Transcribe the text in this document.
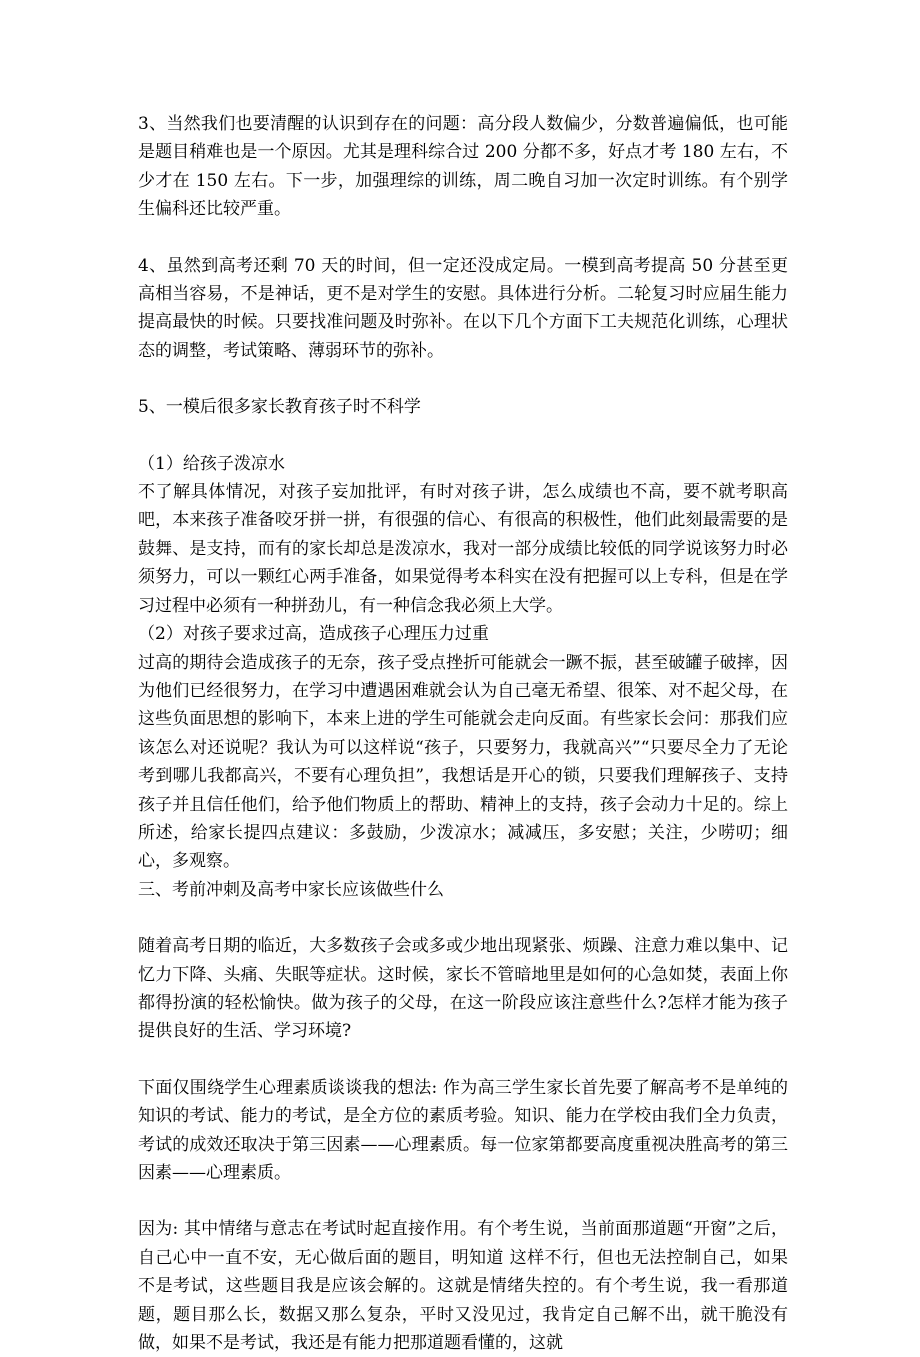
3、当然我们也要清醒的认识到存在的问题：高分段人数偏少，分数普遍偏低，也可能是题目稍难也是一个原因。尤其是理科综合过 200 分都不多，好点才考 180 左右，不少才在 150 左右。下一步，加强理综的训练，周二晚自习加一次定时训练。有个别学生偏科还比较严重。

4、虽然到高考还剩 70 天的时间，但一定还没成定局。一模到高考提高 50 分甚至更高相当容易，不是神话，更不是对学生的安慰。具体进行分析。二轮复习时应届生能力提高最快的时候。只要找准问题及时弥补。在以下几个方面下工夫规范化训练，心理状态的调整，考试策略、薄弱环节的弥补。

5、一模后很多家长教育孩子时不科学

（1）给孩子泼凉水

不了解具体情况，对孩子妄加批评，有时对孩子讲，怎么成绩也不高，要不就考职高吧，本来孩子准备咬牙拼一拼，有很强的信心、有很高的积极性，他们此刻最需要的是鼓舞、是支持，而有的家长却总是泼凉水，我对一部分成绩比较低的同学说该努力时必须努力，可以一颗红心两手准备，如果觉得考本科实在没有把握可以上专科，但是在学习过程中必须有一种拼劲儿，有一种信念我必须上大学。

（2）对孩子要求过高，造成孩子心理压力过重

过高的期待会造成孩子的无奈，孩子受点挫折可能就会一蹶不振，甚至破罐子破摔，因为他们已经很努力，在学习中遭遇困难就会认为自己毫无希望、很笨、对不起父母，在这些负面思想的影响下，本来上进的学生可能就会走向反面。有些家长会问：那我们应该怎么对还说呢？我认为可以这样说“孩子，只要努力，我就高兴”“只要尽全力了无论考到哪儿我都高兴，不要有心理负担”，我想话是开心的锁，只要我们理解孩子、支持孩子并且信任他们，给予他们物质上的帮助、精神上的支持，孩子会动力十足的。综上所述，给家长提四点建议：多鼓励，少泼凉水；减减压，多安慰；关注，少唠叨；细心，多观察。

三、考前冲刺及高考中家长应该做些什么

随着高考日期的临近，大多数孩子会或多或少地出现紧张、烦躁、注意力难以集中、记忆力下降、头痛、失眠等症状。这时候，家长不管暗地里是如何的心急如焚，表面上你都得扮演的轻松愉快。做为孩子的父母，在这一阶段应该注意些什么?怎样才能为孩子提供良好的生活、学习环境?

下面仅围绕学生心理素质谈谈我的想法: 作为高三学生家长首先要了解高考不是单纯的知识的考试、能力的考试，是全方位的素质考验。知识、能力在学校由我们全力负责，考试的成效还取决于第三因素——心理素质。每一位家第都要高度重视决胜高考的第三因素——心理素质。

因为: 其中情绪与意志在考试时起直接作用。有个考生说，当前面那道题“开窗”之后，自己心中一直不安，无心做后面的题目，明知道 这样不行，但也无法控制自己，如果不是考试，这些题目我是应该会解的。这就是情绪失控的。有个考生说，我一看那道题，题目那么长，数据又那么复杂，平时又没见过，我肯定自己解不出，就干脆没有做，如果不是考试，我还是有能力把那道题看懂的，这就
